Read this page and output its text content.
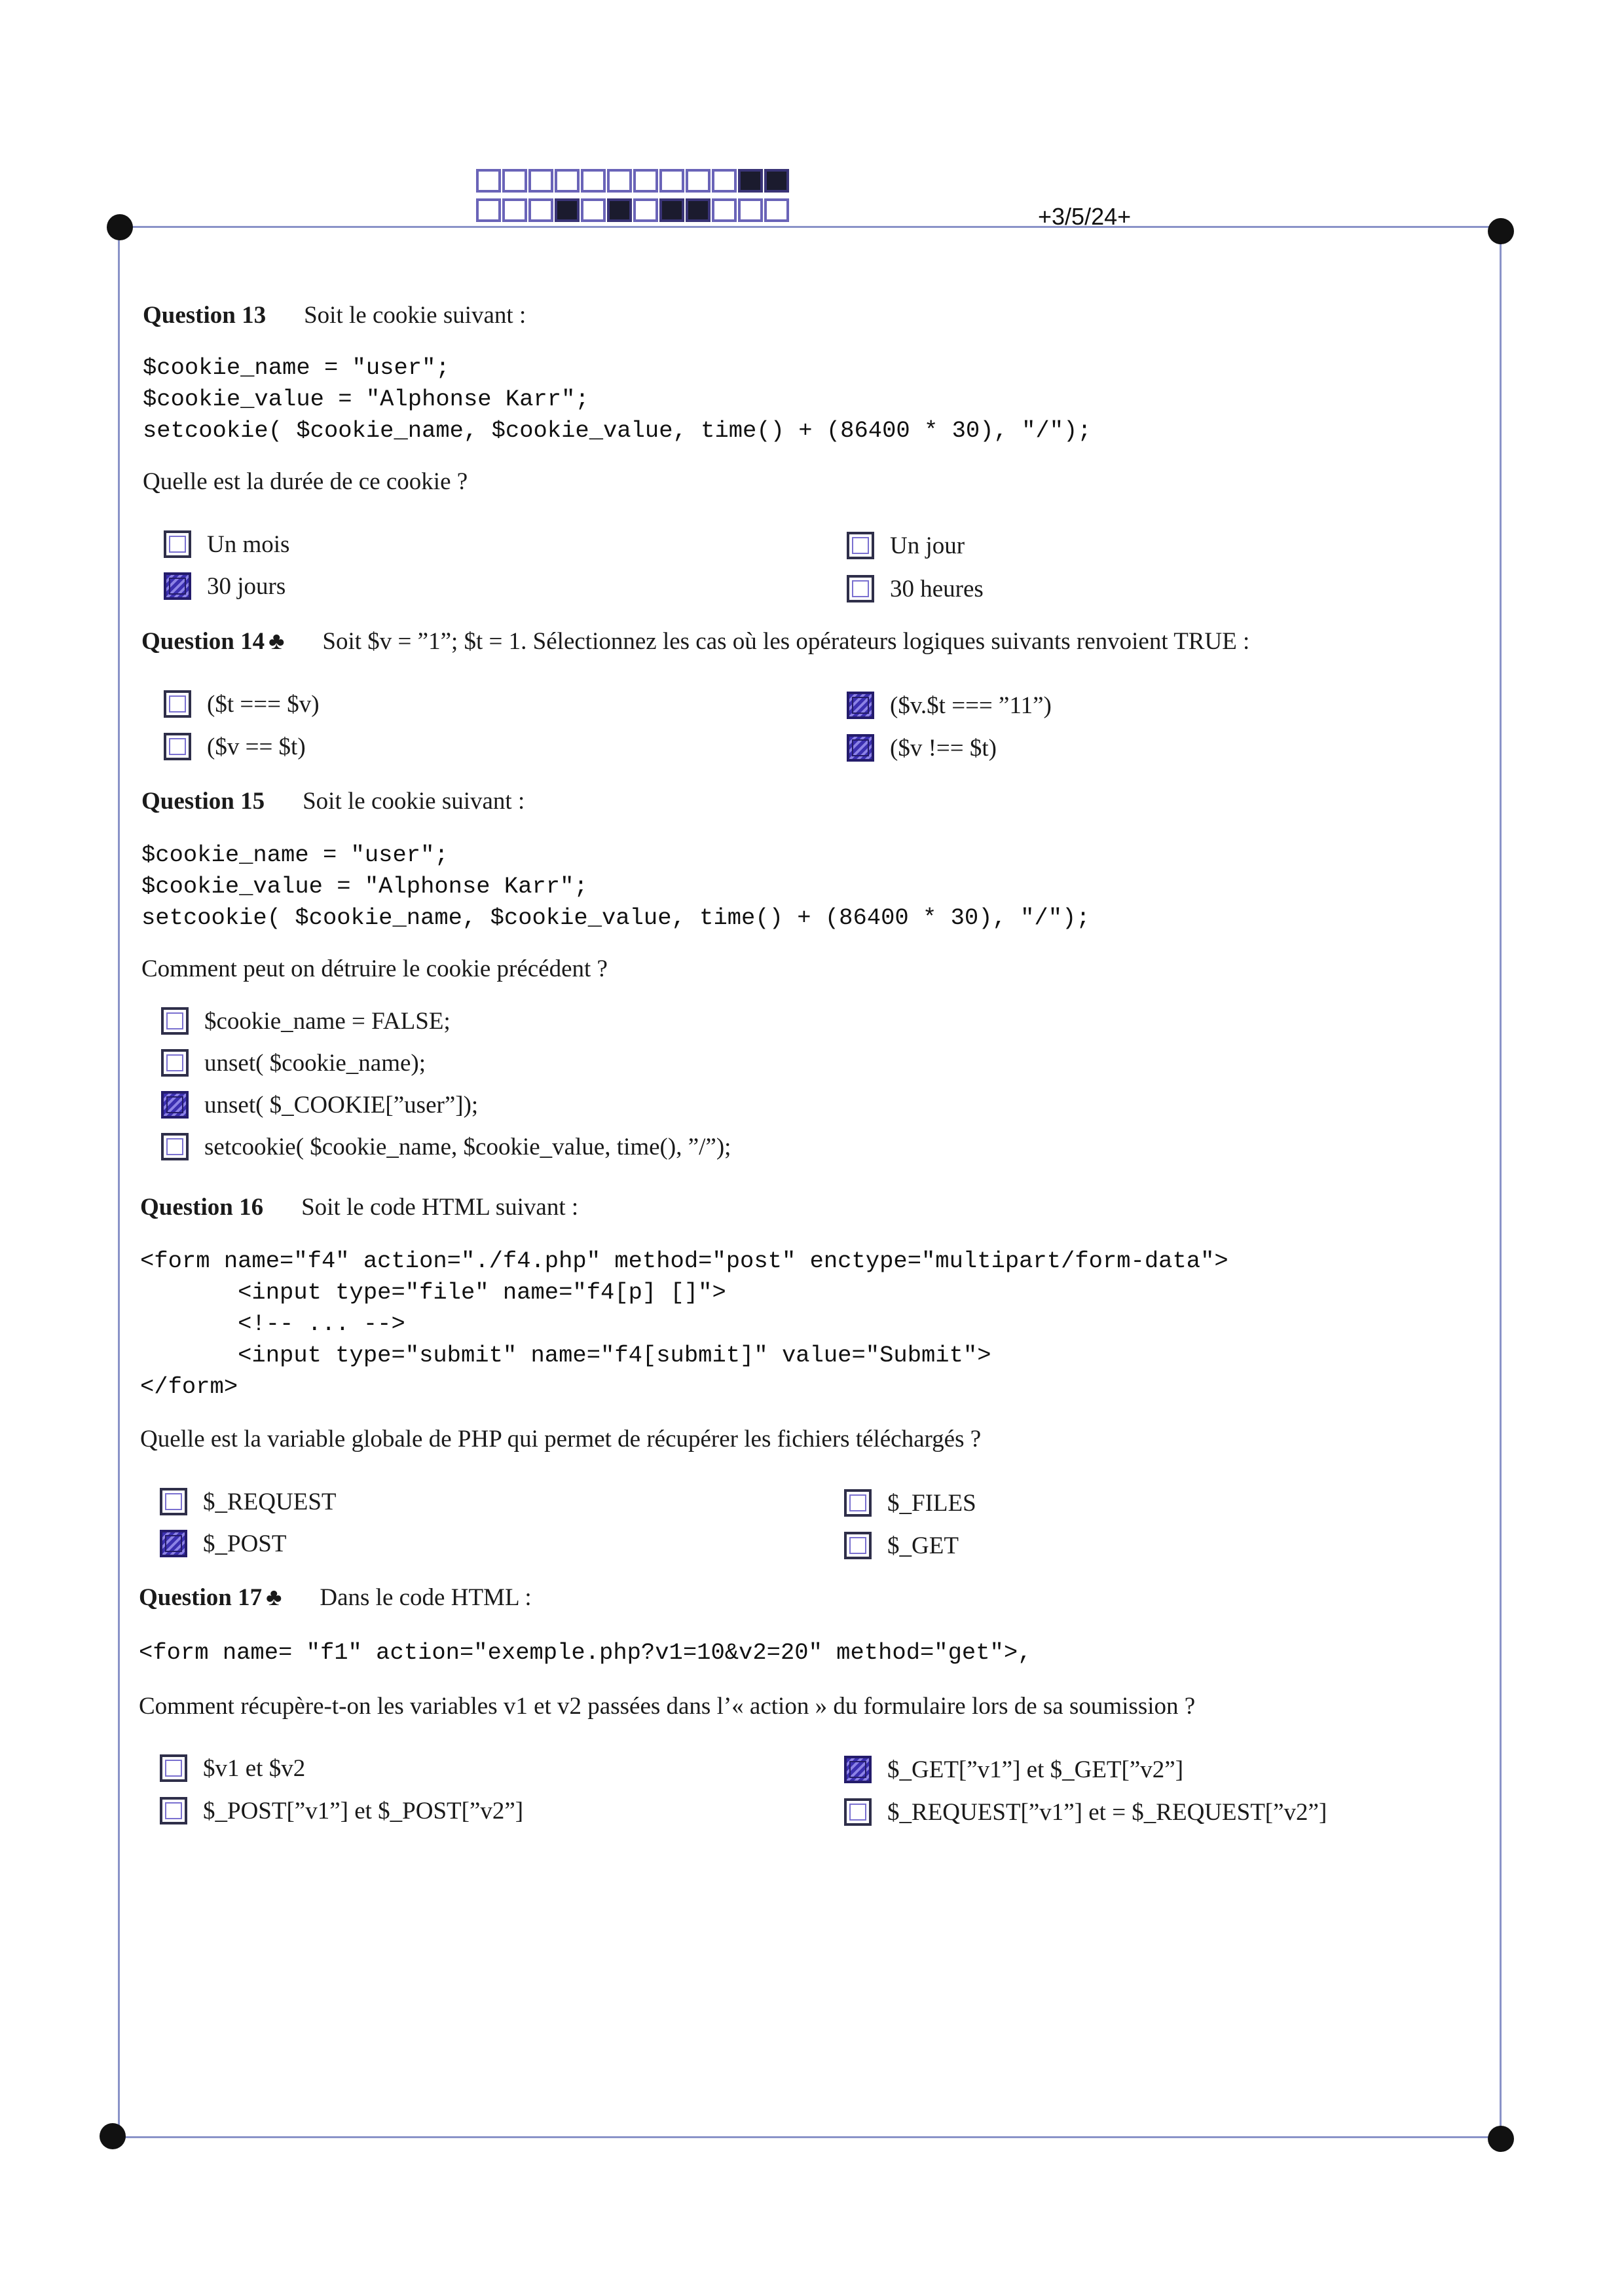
+3/5/24+
Question 13 Soit le cookie suivant :
$cookie_name = "user";
$cookie_value = "Alphonse Karr";
setcookie( $cookie_name, $cookie_value, time() + (86400 * 30), "/");
Quelle est la durée de ce cookie ?
Un mois
30 jours
Un jour
30 heures
Question 14 ♣ Soit $v = ”1”; $t = 1. Sélectionnez les cas où les opérateurs logiques suivants renvoient TRUE :
($t === $v)
($v == $t)
($v.$t === ”11”)
($v !== $t)
Question 15 Soit le cookie suivant :
$cookie_name = "user";
$cookie_value = "Alphonse Karr";
setcookie( $cookie_name, $cookie_value, time() + (86400 * 30), "/");
Comment peut on détruire le cookie précédent ?
$cookie_name = FALSE;
unset( $cookie_name);
unset( $_COOKIE[”user”]);
setcookie( $cookie_name, $cookie_value, time(), ”/”);
Question 16 Soit le code HTML suivant :
<form name="f4" action="./f4.php" method="post" enctype="multipart/form-data">
<input type="file" name="f4[p] []">
<!-- ... -->
<input type="submit" name="f4[submit]" value="Submit">
</form>
Quelle est la variable globale de PHP qui permet de récupérer les fichiers téléchargés ?
$_REQUEST
$_POST
$_FILES
$_GET
Question 17 ♣ Dans le code HTML :
<form name= "f1" action="exemple.php?v1=10&v2=20" method="get">,
Comment récupère-t-on les variables v1 et v2 passées dans l’« action » du formulaire lors de sa soumission ?
$v1 et $v2
$_POST[”v1”] et $_POST[”v2”]
$_GET[”v1”] et $_GET[”v2”]
$_REQUEST[”v1”] et = $_REQUEST[”v2”]
